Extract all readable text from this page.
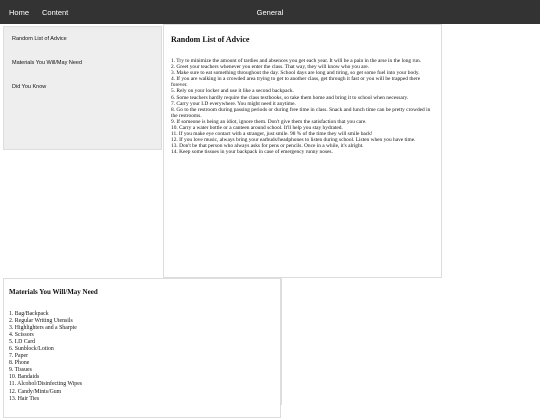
Home Content	General
Random List of Advice
Materials You Will/May Need
Did You Know
Random List of Advice
1. Try to minimize the amount of tardies and absences you get each year. It will be a pain in the arse in the long run.
2. Greet your teachers whenever you enter the class. That way, they will know who you are.
3. Make sure to eat something throughout the day. School days are long and tiring, so get some fuel into your body.
4. If you are walking in a crowded area trying to get to another class, get through it fast or you will be trapped there forever.
5. Rely on your locker and use it like a second backpack.
6. Some teachers hardly require the class textbooks, so take them home and bring it to school when necessary.
7. Carry your I.D everywhere. You might need it anytime.
8. Go to the restroom during passing periods or during free time in class. Snack and lunch time can be pretty crowded in the restrooms.
9. If someone is being an idiot, ignore them. Don't give them the satisfaction that you care.
10. Carry a water bottle or a canteen around school. It'll help you stay hydrated.
11. If you make eye contact with a stranger, just smile. 98 % of the time they will smile back!
12. If you love music, always bring your earbuds/headphones to listen during school. Listen when you have time.
13. Don't be that person who always asks for pens or pencils. Once in a while, it's alright.
14. Keep some tissues in your backpack in case of emergency runny noses.
Materials You Will/May Need
1. Bag/Backpack
2. Regular Writing Utensils
3. Highlighters and a Sharpie
4. Scissors
5. I.D Card
6. Sunblock/Lotion
7. Paper
8. Phone
9. Tissues
10. Bandaids
11. Alcohol/Disinfecting Wipes
12. Candy/Mints/Gum
13. Hair Ties
